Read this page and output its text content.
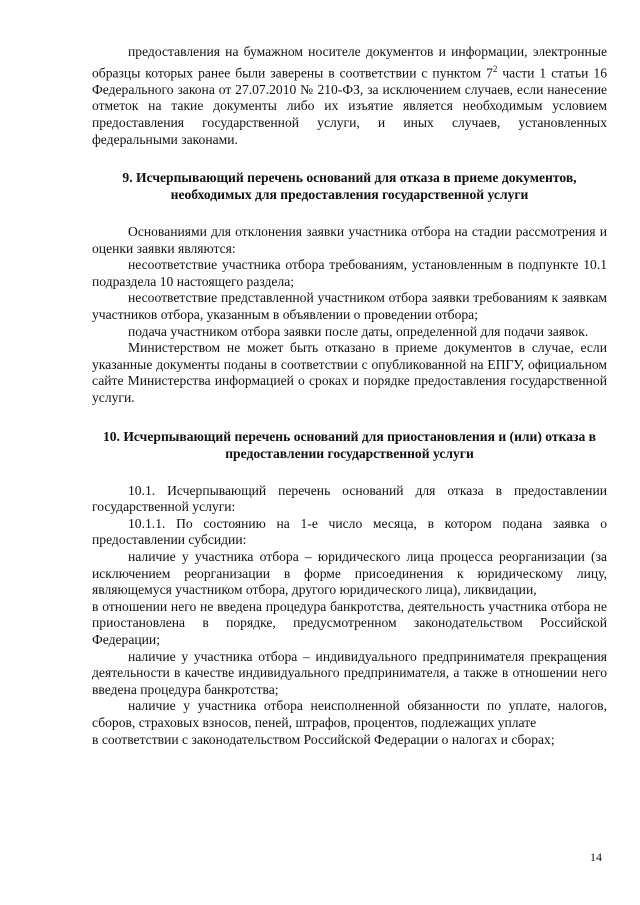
предоставления на бумажном носителе документов и информации, электронные образцы которых ранее были заверены в соответствии с пунктом $7^2$ части 1 статьи 16 Федерального закона от 27.07.2010 № 210-ФЗ, за исключением случаев, если нанесение отметок на такие документы либо их изъятие является необходимым условием предоставления государственной услуги, и иных случаев, установленных федеральными законами.

9. Исчерпывающий перечень оснований для отказа в приеме документов, необходимых для предоставления государственной услуги

Основаниями для отклонения заявки участника отбора на стадии рассмотрения и оценки заявки являются:

несоответствие участника отбора требованиям, установленным в подпункте 10.1 подраздела 10 настоящего раздела;

несоответствие представленной участником отбора заявки требованиям к заявкам участников отбора, указанным в объявлении о проведении отбора;

подача участником отбора заявки после даты, определенной для подачи заявок.

Министерством не может быть отказано в приеме документов в случае, если указанные документы поданы в соответствии с опубликованной на ЕПГУ, официальном сайте Министерства информацией о сроках и порядке предоставления государственной услуги.

10. Исчерпывающий перечень оснований для приостановления и (или) отказа в предоставлении государственной услуги

10.1. Исчерпывающий перечень оснований для отказа в предоставлении государственной услуги:

10.1.1. По состоянию на 1-е число месяца, в котором подана заявка о предоставлении субсидии:

наличие у участника отбора – юридического лица процесса реорганизации (за исключением реорганизации в форме присоединения к юридическому лицу, являющемуся участником отбора, другого юридического лица), ликвидации,

в отношении него не введена процедура банкротства, деятельность участника отбора не приостановлена в порядке, предусмотренном законодательством Российской Федерации;

наличие у участника отбора – индивидуального предпринимателя прекращения деятельности в качестве индивидуального предпринимателя, а также в отношении него введена процедура банкротства;

наличие у участника отбора неисполненной обязанности по уплате, налогов, сборов, страховых взносов, пеней, штрафов, процентов, подлежащих уплате

в соответствии с законодательством Российской Федерации о налогах и сборах;

14
